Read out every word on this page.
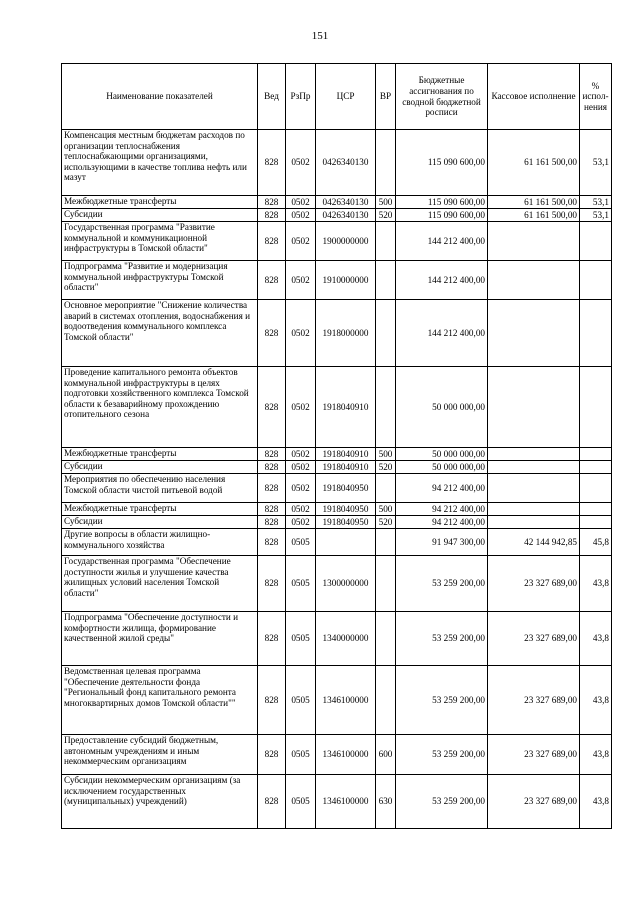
151
Наименование показателей	Вед	РзПр	ЦСР	ВР	Бюджетные ассигнования по сводной бюджетной росписи	Кассовое исполнение	% испол-нения
Компенсация местным бюджетам расходов по организации теплоснабжения теплоснабжающими организациями, использующими в качестве топлива нефть или мазут	828	0502	0426340130		115 090 600,00	61 161 500,00	53,1
Межбюджетные трансферты	828	0502	0426340130	500	115 090 600,00	61 161 500,00	53,1
Субсидии	828	0502	0426340130	520	115 090 600,00	61 161 500,00	53,1
Государственная программа "Развитие коммунальной и коммуникационной инфраструктуры в Томской области"	828	0502	1900000000		144 212 400,00		
Подпрограмма "Развитие и модернизация коммунальной инфраструктуры Томской области"	828	0502	1910000000		144 212 400,00		
Основное мероприятие "Снижение количества аварий в системах отопления, водоснабжения и водоотведения коммунального комплекса Томской области"	828	0502	1918000000		144 212 400,00		
Проведение капитального ремонта объектов коммунальной инфраструктуры в целях подготовки хозяйственного комплекса Томской области к безаварийному прохождению отопительного сезона	828	0502	1918040910		50 000 000,00		
Межбюджетные трансферты	828	0502	1918040910	500	50 000 000,00		
Субсидии	828	0502	1918040910	520	50 000 000,00		
Мероприятия по обеспечению населения Томской области чистой питьевой водой	828	0502	1918040950		94 212 400,00		
Межбюджетные трансферты	828	0502	1918040950	500	94 212 400,00		
Субсидии	828	0502	1918040950	520	94 212 400,00		
Другие вопросы в области жилищно-коммунального хозяйства	828	0505			91 947 300,00	42 144 942,85	45,8
Государственная программа "Обеспечение доступности жилья и улучшение качества жилищных условий населения Томской области"	828	0505	1300000000		53 259 200,00	23 327 689,00	43,8
Подпрограмма "Обеспечение доступности и комфортности жилища, формирование качественной жилой среды"	828	0505	1340000000		53 259 200,00	23 327 689,00	43,8
Ведомственная целевая программа "Обеспечение деятельности фонда "Региональный фонд капитального ремонта многоквартирных домов Томской области""	828	0505	1346100000		53 259 200,00	23 327 689,00	43,8
Предоставление субсидий бюджетным, автономным учреждениям и иным некоммерческим организациям	828	0505	1346100000	600	53 259 200,00	23 327 689,00	43,8
Субсидии некоммерческим организациям (за исключением государственных (муниципальных) учреждений)	828	0505	1346100000	630	53 259 200,00	23 327 689,00	43,8
